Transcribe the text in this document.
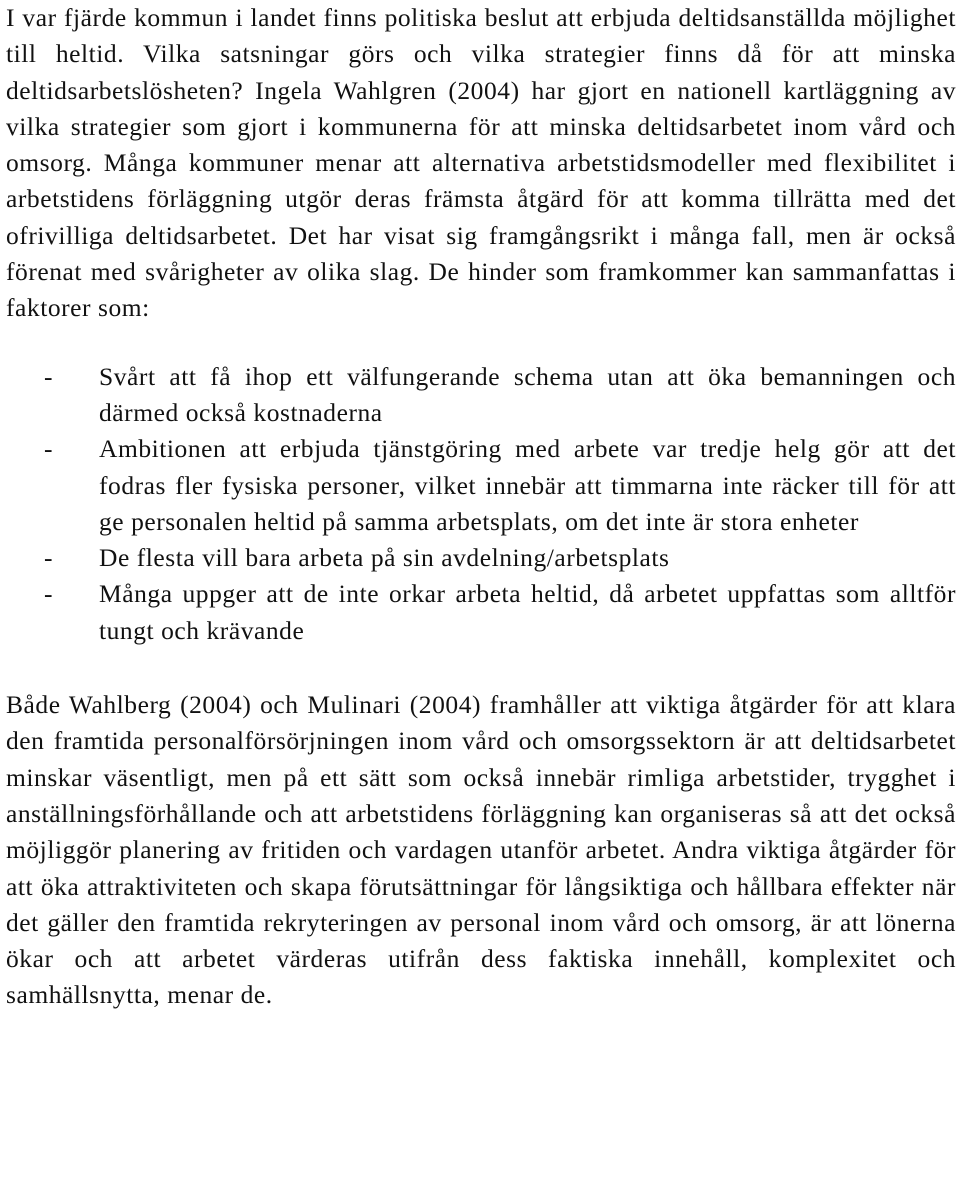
I var fjärde kommun i landet finns politiska beslut att erbjuda deltidsanställda möjlighet till heltid. Vilka satsningar görs och vilka strategier finns då för att minska deltidsarbetslösheten? Ingela Wahlgren (2004) har gjort en nationell kartläggning av vilka strategier som gjort i kommunerna för att minska deltidsarbetet inom vård och omsorg. Många kommuner menar att alternativa arbetstidsmodeller med flexibilitet i arbetstidens förläggning utgör deras främsta åtgärd för att komma tillrätta med det ofrivilliga deltidsarbetet. Det har visat sig framgångsrikt i många fall, men är också förenat med svårigheter av olika slag. De hinder som framkommer kan sammanfattas i faktorer som:

- Svårt att få ihop ett välfungerande schema utan att öka bemanningen och därmed också kostnaderna
- Ambitionen att erbjuda tjänstgöring med arbete var tredje helg gör att det fodras fler fysiska personer, vilket innebär att timmarna inte räcker till för att ge personalen heltid på samma arbetsplats, om det inte är stora enheter
- De flesta vill bara arbeta på sin avdelning/arbetsplats
- Många uppger att de inte orkar arbeta heltid, då arbetet uppfattas som alltför tungt och krävande

Både Wahlberg (2004) och Mulinari (2004) framhåller att viktiga åtgärder för att klara den framtida personalförsörjningen inom vård och omsorgssektorn är att deltidsarbetet minskar väsentligt, men på ett sätt som också innebär rimliga arbetstider, trygghet i anställningsförhållande och att arbetstidens förläggning kan organiseras så att det också möjliggör planering av fritiden och vardagen utanför arbetet. Andra viktiga åtgärder för att öka attraktiviteten och skapa förutsättningar för långsiktiga och hållbara effekter när det gäller den framtida rekryteringen av personal inom vård och omsorg, är att lönerna ökar och att arbetet värderas utifrån dess faktiska innehåll, komplexitet och samhällsnytta, menar de.
